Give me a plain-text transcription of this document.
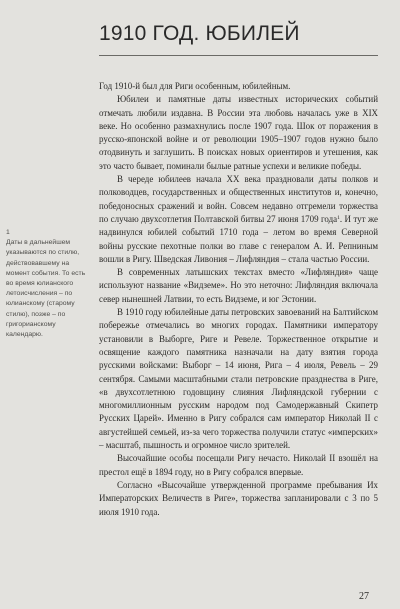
1910 ГОД. ЮБИЛЕЙ

Год 1910-й был для Риги особенным, юбилейным.

Юбилеи и памятные даты известных исторических событий отмечать любили издавна. В России эта любовь началась уже в XIX веке. Но особенно размахнулись после 1907 года. Шок от поражения в русско-японской войне и от революции 1905–1907 годов нужно было отодвинуть и заглушить. В поисках новых ориентиров и утешения, как это часто бывает, поминали былые ратные успехи и великие победы.

В череде юбилеев начала XX века праздновали даты полков и полководцев, государственных и общественных институтов и, конечно, победоносных сражений и войн. Совсем недавно отгремели торжества по случаю двухсотлетия Полтавской битвы 27 июня 1709 года$^1$. И тут же надвинулся юбилей событий 1710 года – летом во время Северной войны русские пехотные полки во главе с генералом А. И. Репниным вошли в Ригу. Шведская Ливония – Лифляндия – стала частью России.

В современных латышских текстах вместо «Лифляндия» чаще используют название «Видземе». Но это неточно: Лифляндия включала север нынешней Латвии, то есть Видземе, и юг Эстонии.

В 1910 году юбилейные даты петровских завоеваний на Балтийском побережье отмечались во многих городах. Памятники императору установили в Выборге, Риге и Ревеле. Торжественное открытие и освящение каждого памятника назначали на дату взятия города русскими войсками: Выборг – 14 июня, Рига – 4 июля, Ревель – 29 сентября. Самыми масштабными стали петровские празднества в Риге, «в двухсотлетнюю годовщину слияния Лифляндской губернии с многомиллионным русским народом под Самодержавный Скипетр Русских Царей». Именно в Ригу собрался сам император Николай II с августейшей семьей, из-за чего торжества получили статус «имперских» – масштаб, пышность и огромное число зрителей.

Высочайшие особы посещали Ригу нечасто. Николай II взошёл на престол ещё в 1894 году, но в Ригу собрался впервые.

Согласно «Высочайше утвержденной программе пребывания Их Императорских Величеств в Риге», торжества запланировали с 3 по 5 июля 1910 года.

1
Даты в дальнейшем указываются по стилю, действовавшему на момент события. То есть во время юлианского летоисчисления – по юлианскому (старому стилю), позже – по григорианскому календарю.
27
